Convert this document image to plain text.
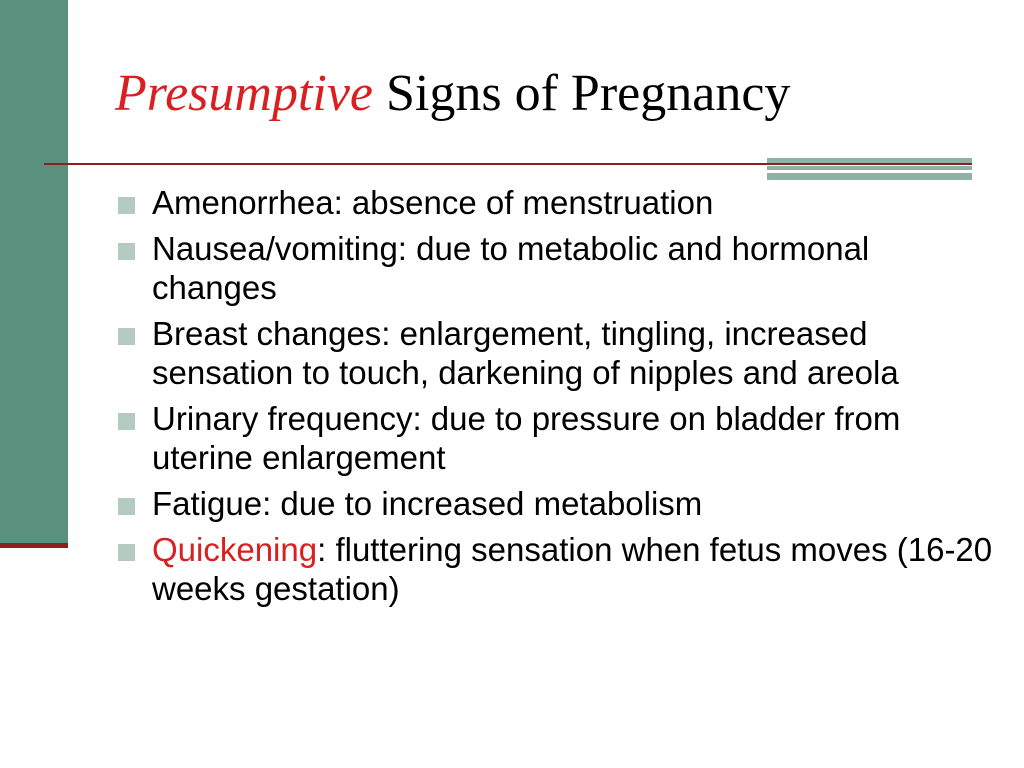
Presumptive Signs of Pregnancy
Amenorrhea: absence of menstruation
Nausea/vomiting: due to metabolic and hormonal changes
Breast changes: enlargement, tingling, increased sensation to touch, darkening of nipples and areola
Urinary frequency: due to pressure on bladder from uterine enlargement
Fatigue: due to increased metabolism
Quickening: fluttering sensation when fetus moves (16-20 weeks gestation)
